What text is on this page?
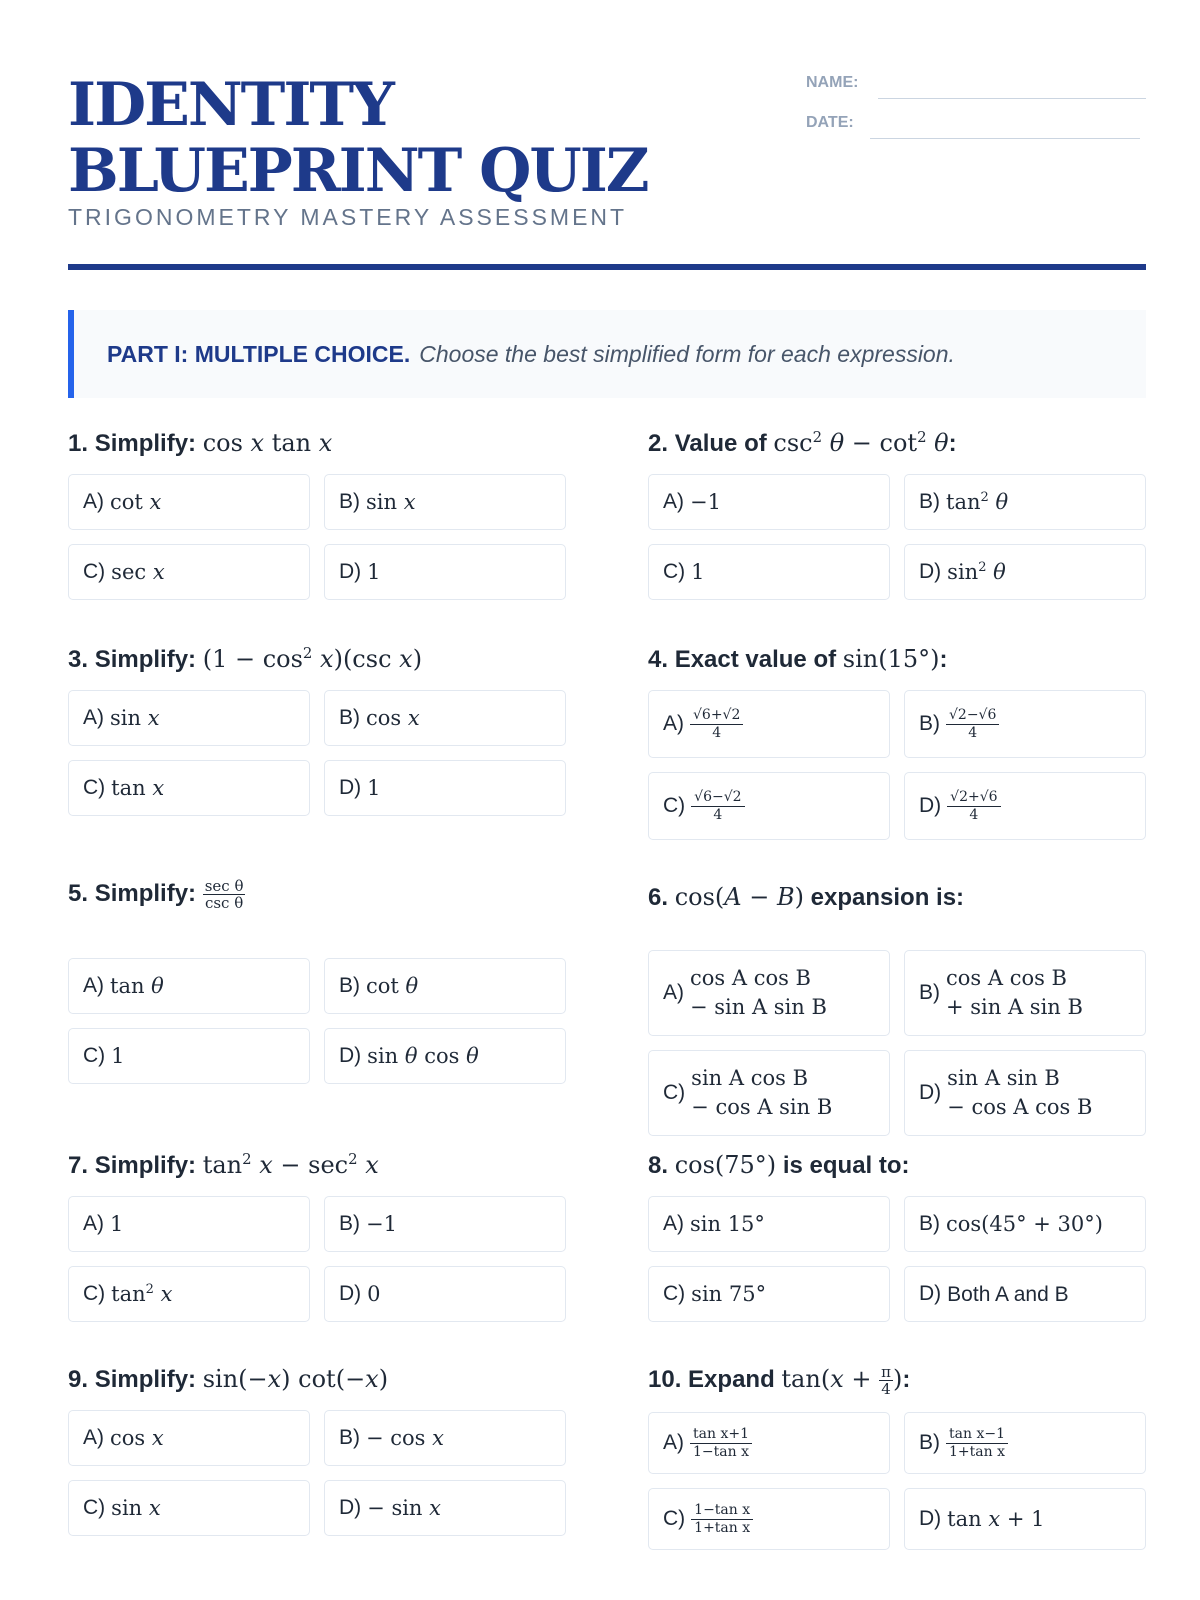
IDENTITY BLUEPRINT QUIZ
TRIGONOMETRY MASTERY ASSESSMENT
NAME:
DATE:
PART I: MULTIPLE CHOICE. Choose the best simplified form for each expression.
1. Simplify: cos x tan x
A) cot x	B) sin x
C) sec x	D) 1
2. Value of $\csc^2 \theta - \cot^2 \theta$:
A) −1	B) $\tan^2 \theta$
C) 1	D) $\sin^2 \theta$
3. Simplify: $(1 - \cos^2 x)(\csc$ x)
A) sin x	B) cos x
C) tan x	D) 1
4. Exact value of sin(15°):
$A) \frac{√6+√2}{4}$	$B) \frac{√2-√6}{4}$
$C) \frac{√6-√2}{4}$	$D) \frac{√2+√6}{4}$
5. Simplify: $\frac{\text{sec θ}}{\text{csc θ}}$
A) tan θ	B) cot θ
C) 1	D) sin θ cos θ
6. cos(A − B) expansion is:
A)
cos A cos B
− sin A sin B
B)
cos A cos B
+ sin A sin B
C)
sin A cos B
− cos A sin B
D)
sin A sin B
− cos A cos B
7. Simplify: $\tan^2 x - \sec^2 x$
A) 1	B) −1
C) $\tan^2 x$	D) 0
8. cos(75°) is equal to:
A) sin 15°	B) cos(45° + 30°)
C) sin 75°	D) Both A and B
9. Simplify: sin(−x) cot(−x)
A) cos x	B) − cos x
C) sin x	D) − sin x
10. Expand $\tan(x + \frac{\pi}{4}$ ):
$A) \frac{\text{tan x+1}}{\text{1−tan x}}$	$B) \frac{\text{tan x−1}}{\text{1+tan x}}$
$C) \frac{\text{1−tan x}}{\text{1+tan x}}$	D) tan x + 1
